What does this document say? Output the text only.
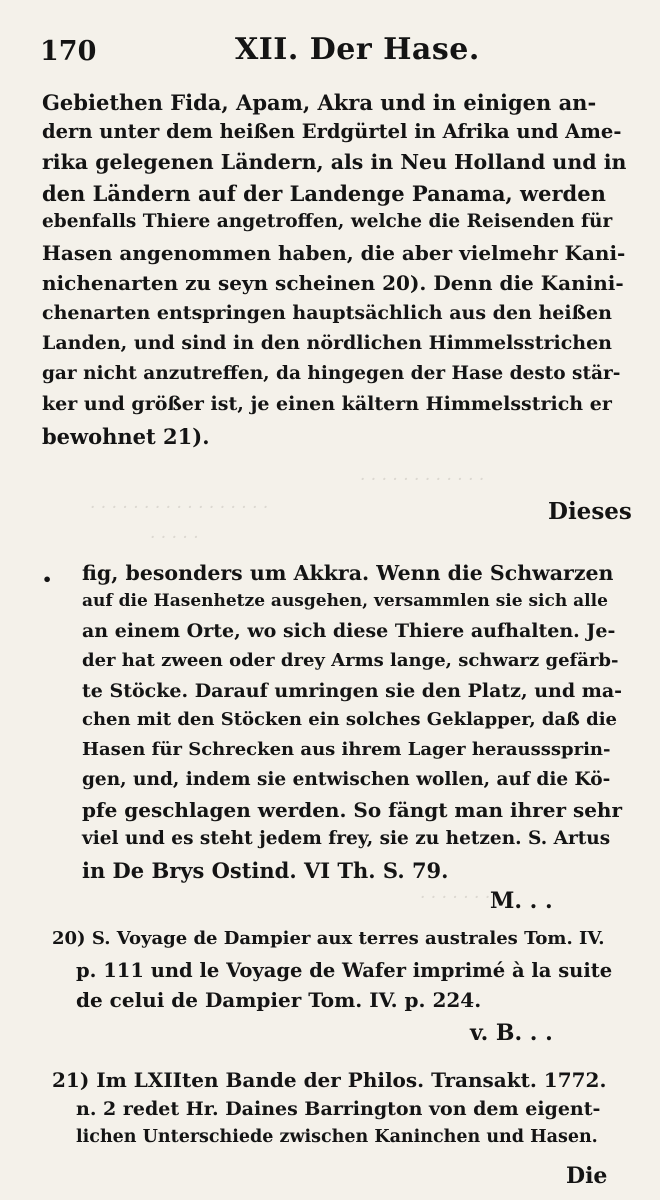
170	XII. Der Hase.
Gebiethen Fida, Apam, Akra und in einigen an-
dern unter dem heißen Erdgürtel in Afrika und Ame-
rika gelegenen Ländern, als in Neu Holland und in
den Ländern auf der Landenge Panama, werden
ebenfalls Thiere angetroffen, welche die Reisenden für
Hasen angenommen haben, die aber vielmehr Kani-
nichenarten zu seyn scheinen 20). Denn die Kanini-
chenarten entspringen hauptsächlich aus den heißen
Landen, und sind in den nördlichen Himmelsstrichen
gar nicht anzutreffen, da hingegen der Hase desto stär-
ker und größer ist, je einen kältern Himmelsstrich er
bewohnet 21).
· · · · · · · · · · · ·
· · · · · · · · · · · · · · · · ·
· · · · ·
Dieses
• fig, besonders um Akkra. Wenn die Schwarzen
auf die Hasenhetze ausgehen, versammlen sie sich alle
an einem Orte, wo sich diese Thiere aufhalten. Je-
der hat zween oder drey Arms lange, schwarz gefärb-
te Stöcke. Darauf umringen sie den Platz, und ma-
chen mit den Stöcken ein solches Geklapper, daß die
Hasen für Schrecken aus ihrem Lager herausssprin-
gen, und, indem sie entwischen wollen, auf die Kö-
pfe geschlagen werden. So fängt man ihrer sehr
viel und es steht jedem frey, sie zu hetzen. S. Artus
in De Brys Ostind. VI Th. S. 79.
· · · · · · · M. . .
20) S. Voyage de Dampier aux terres australes Tom. IV.
p. 111 und le Voyage de Wafer imprimé à la suite
de celui de Dampier Tom. IV. p. 224.
v. B. . .
21) Im LXIIten Bande der Philos. Transakt. 1772.
n. 2 redet Hr. Daines Barrington von dem eigent-
lichen Unterschiede zwischen Kaninchen und Hasen.
Die
